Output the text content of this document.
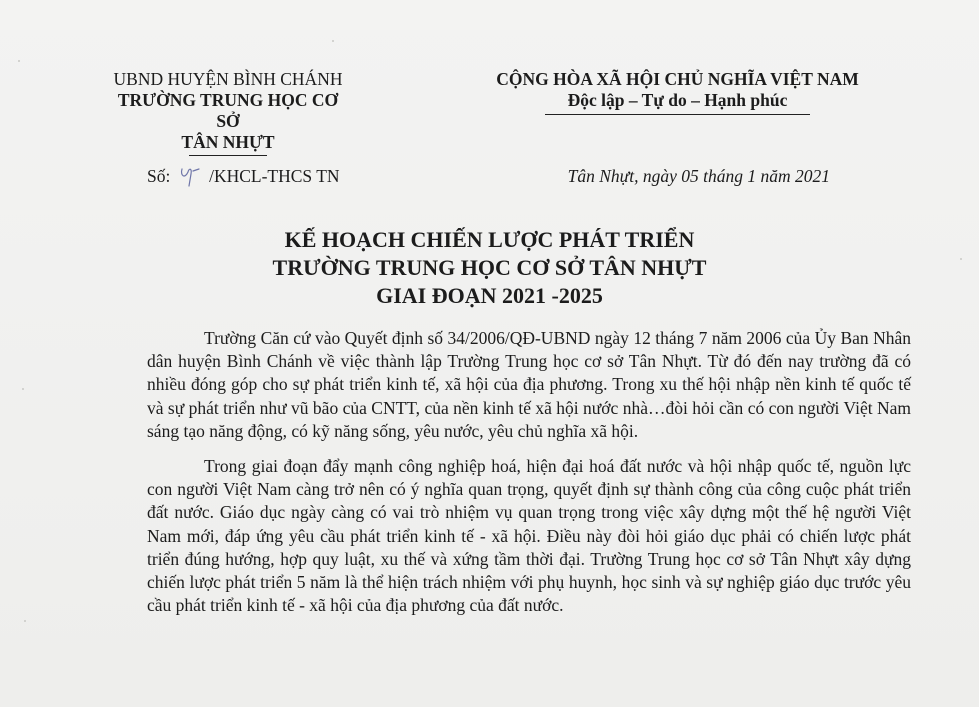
UBND HUYỆN BÌNH CHÁNH
TRƯỜNG TRUNG HỌC CƠ SỞ
TÂN NHỰT
CỘNG HÒA XÃ HỘI CHỦ NGHĨA VIỆT NAM
Độc lập – Tự do – Hạnh phúc
Số: /KHCL-THCS TN	Tân Nhựt, ngày 05 tháng 1 năm 2021
KẾ HOẠCH CHIẾN LƯỢC PHÁT TRIỂN
TRƯỜNG TRUNG HỌC CƠ SỞ TÂN NHỰT
GIAI ĐOẠN 2021 -2025

Trường Căn cứ vào Quyết định số 34/2006/QĐ-UBND ngày 12 tháng 7 năm 2006 của Ủy Ban Nhân dân huyện Bình Chánh về việc thành lập Trường Trung học cơ sở Tân Nhựt. Từ đó đến nay trường đã có nhiều đóng góp cho sự phát triển kinh tế, xã hội của địa phương. Trong xu thế hội nhập nền kinh tế quốc tế và sự phát triển như vũ bão của CNTT, của nền kinh tế xã hội nước nhà…đòi hỏi cần có con người Việt Nam sáng tạo năng động, có kỹ năng sống, yêu nước, yêu chủ nghĩa xã hội.

Trong giai đoạn đẩy mạnh công nghiệp hoá, hiện đại hoá đất nước và hội nhập quốc tế, nguồn lực con người Việt Nam càng trở nên có ý nghĩa quan trọng, quyết định sự thành công của công cuộc phát triển đất nước. Giáo dục ngày càng có vai trò nhiệm vụ quan trọng trong việc xây dựng một thế hệ người Việt Nam mới, đáp ứng yêu cầu phát triển kinh tế - xã hội. Điều này đòi hỏi giáo dục phải có chiến lược phát triển đúng hướng, hợp quy luật, xu thế và xứng tầm thời đại. Trường Trung học cơ sở Tân Nhựt xây dựng chiến lược phát triển 5 năm là thể hiện trách nhiệm với phụ huynh, học sinh và sự nghiệp giáo dục trước yêu cầu phát triển kinh tế - xã hội của địa phương của đất nước.
